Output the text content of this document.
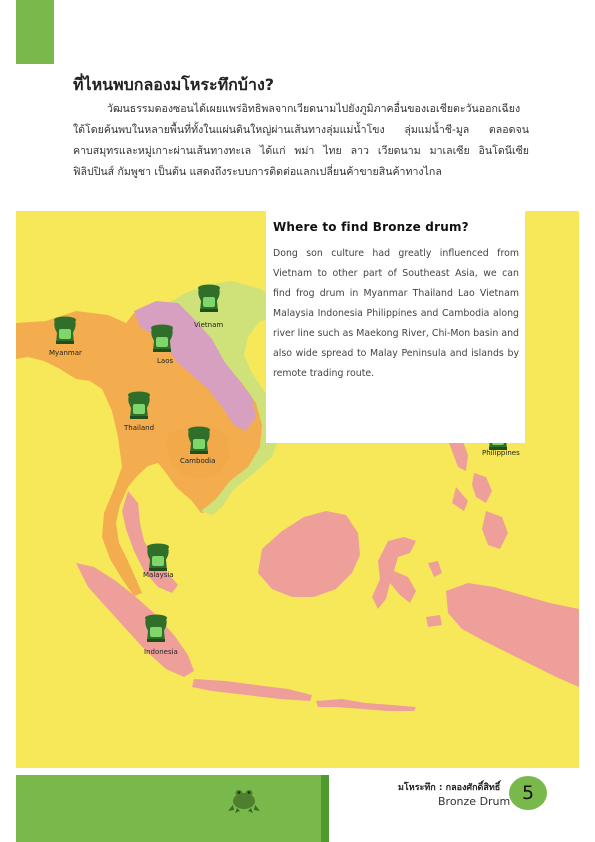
ที่ไหนพบกลองมโหระทึกบ้าง?

วัฒนธรรมดองซอนได้เผยแพร่อิทธิพลจากเวียดนามไปยังภูมิภาคอื่นของเอเชียตะวันออกเฉียงใต้โดยค้นพบในหลายพื้นที่ทั้งในแผ่นดินใหญ่ผ่านเส้นทางลุ่มแม่น้ำโขง ลุ่มแม่น้ำชี-มูล ตลอดจนคาบสมุทรและหมู่เกาะผ่านเส้นทางทะเล ได้แก่ พม่า ไทย ลาว เวียดนาม มาเลเซีย อินโดนีเซีย ฟิลิปปินส์ กัมพูชา เป็นต้น แสดงถึงระบบการติดต่อแลกเปลี่ยนค้าขายสินค้าทางไกล

Vietnam
Myanmar
Laos
Thailand
Cambodia
Philippines
Malaysia
Indonesia
Where to find Bronze drum?

Dong son culture had greatly influenced from Vietnam to other part of Southeast Asia, we can find frog drum in Myanmar Thailand Lao Vietnam Malaysia Indonesia Philippines and Cambodia along river line such as Maekong River, Chi-Mon basin and also wide spread to Malay Peninsula and islands by remote trading route.

มโหระทึก : กลองศักดิ์สิทธิ์

Bronze Drum 5
